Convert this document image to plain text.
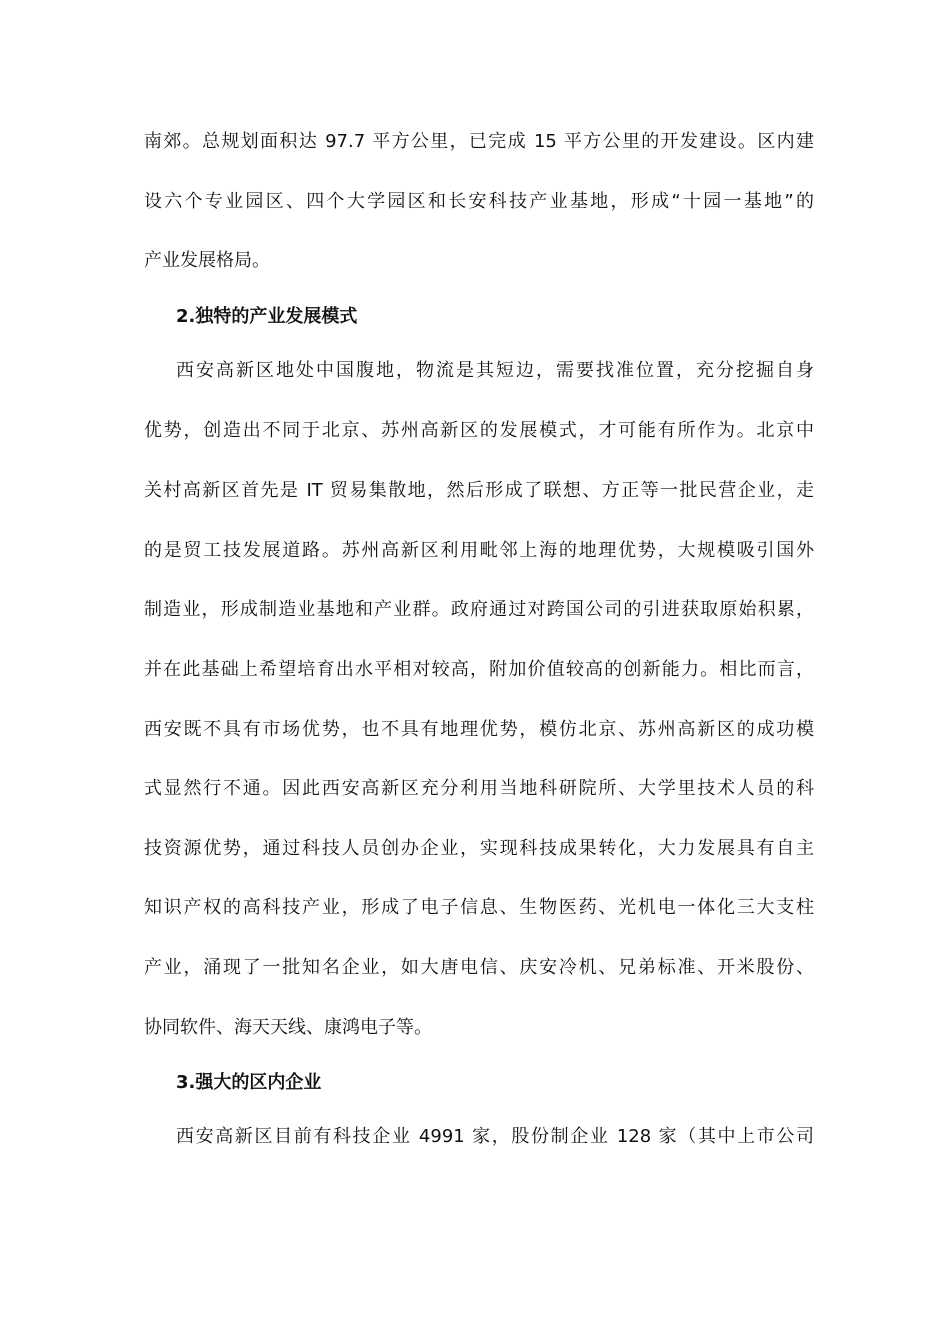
南郊。总规划面积达 97.7 平方公里，已完成 15 平方公里的开发建设。区内建
设六个专业园区、四个大学园区和长安科技产业基地，形成“十园一基地”的
产业发展格局。
2.独特的产业发展模式
西安高新区地处中国腹地，物流是其短边，需要找准位置，充分挖掘自身
优势，创造出不同于北京、苏州高新区的发展模式，才可能有所作为。北京中
关村高新区首先是 IT 贸易集散地，然后形成了联想、方正等一批民营企业，走
的是贸工技发展道路。苏州高新区利用毗邻上海的地理优势，大规模吸引国外
制造业，形成制造业基地和产业群。政府通过对跨国公司的引进获取原始积累，
并在此基础上希望培育出水平相对较高，附加价值较高的创新能力。相比而言，
西安既不具有市场优势，也不具有地理优势，模仿北京、苏州高新区的成功模
式显然行不通。因此西安高新区充分利用当地科研院所、大学里技术人员的科
技资源优势，通过科技人员创办企业，实现科技成果转化，大力发展具有自主
知识产权的高科技产业，形成了电子信息、生物医药、光机电一体化三大支柱
产业，涌现了一批知名企业，如大唐电信、庆安冷机、兄弟标准、开米股份、
协同软件、海天天线、康鸿电子等。
3.强大的区内企业
西安高新区目前有科技企业 4991 家，股份制企业 128 家（其中上市公司
